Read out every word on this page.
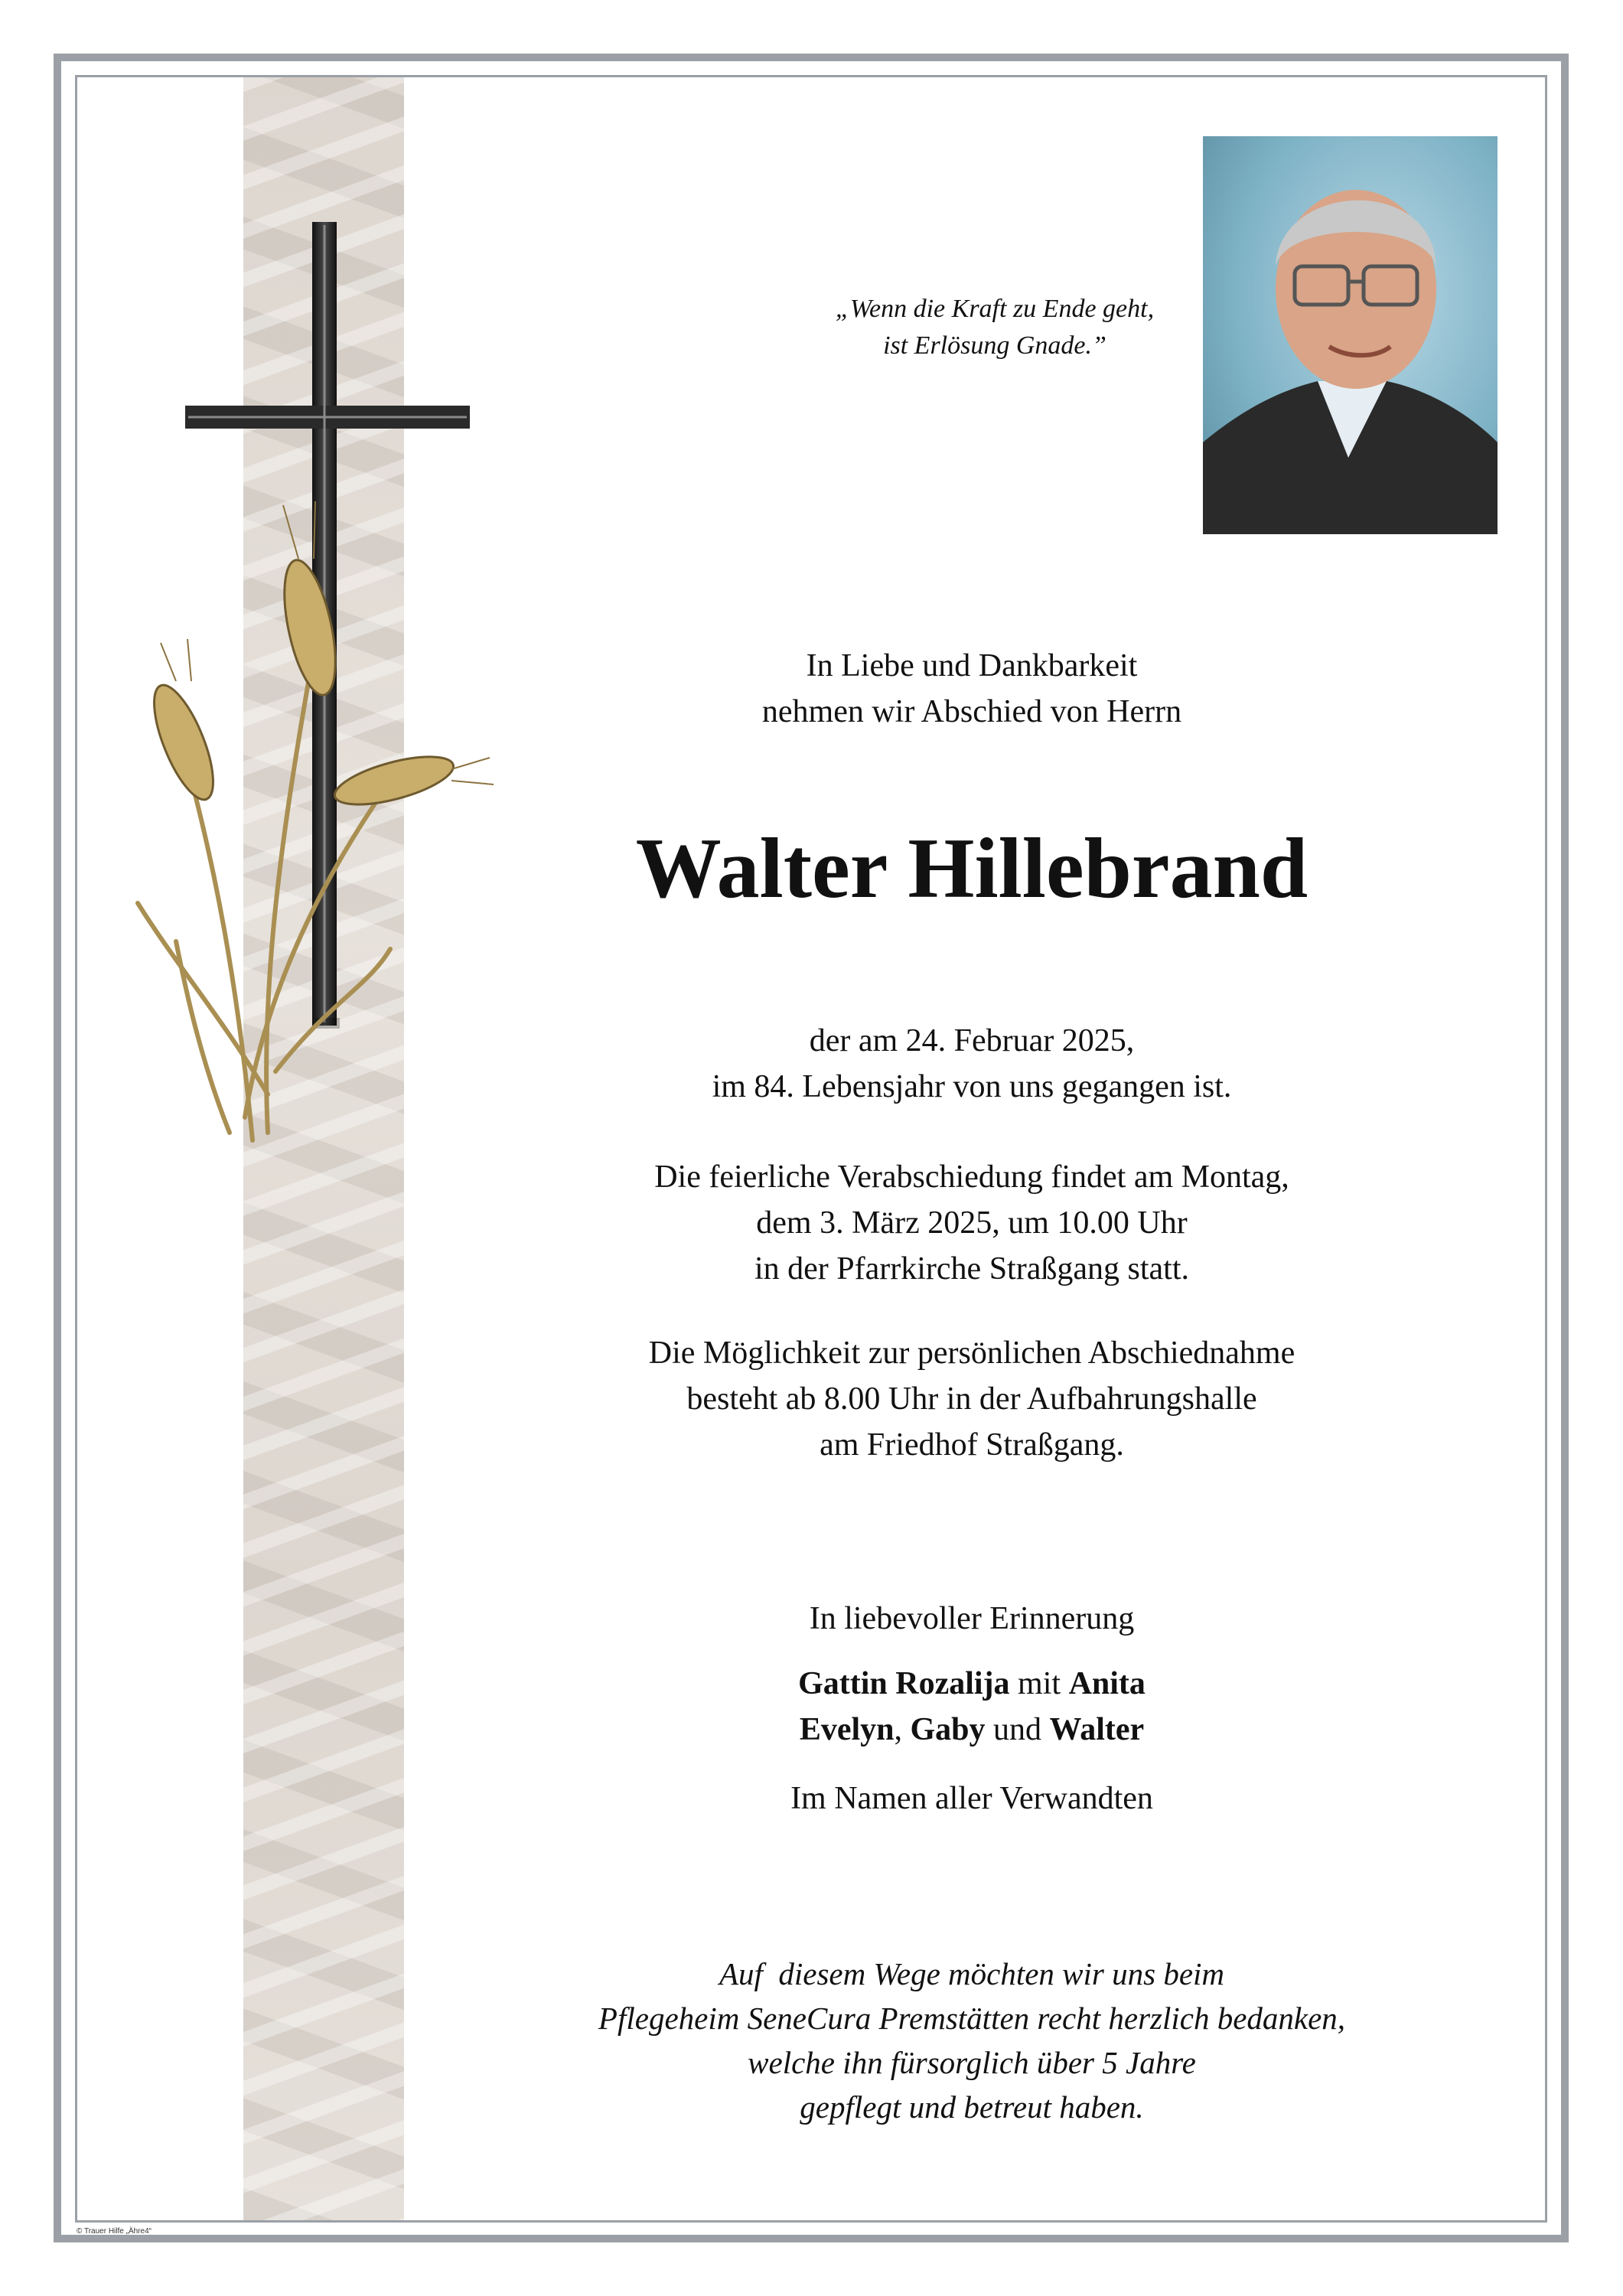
„Wenn die Kraft zu Ende geht,
ist Erlösung Gnade.”
In Liebe und Dankbarkeit
nehmen wir Abschied von Herrn
Walter Hillebrand
der am 24. Februar 2025,
im 84. Lebensjahr von uns gegangen ist.
Die feierliche Verabschiedung findet am Montag,
dem 3. März 2025, um 10.00 Uhr
in der Pfarrkirche Straßgang statt.
Die Möglichkeit zur persönlichen Abschiednahme
besteht ab 8.00 Uhr in der Aufbahrungshalle
am Friedhof Straßgang.
In liebevoller Erinnerung
Gattin Rozalija mit Anita
Evelyn, Gaby und Walter
Im Namen aller Verwandten
Auf  diesem Wege möchten wir uns beim
Pflegeheim SeneCura Premstätten recht herzlich bedanken,
welche ihn fürsorglich über 5 Jahre
gepflegt und betreut haben.
© Trauer Hilfe „Ähre4“
